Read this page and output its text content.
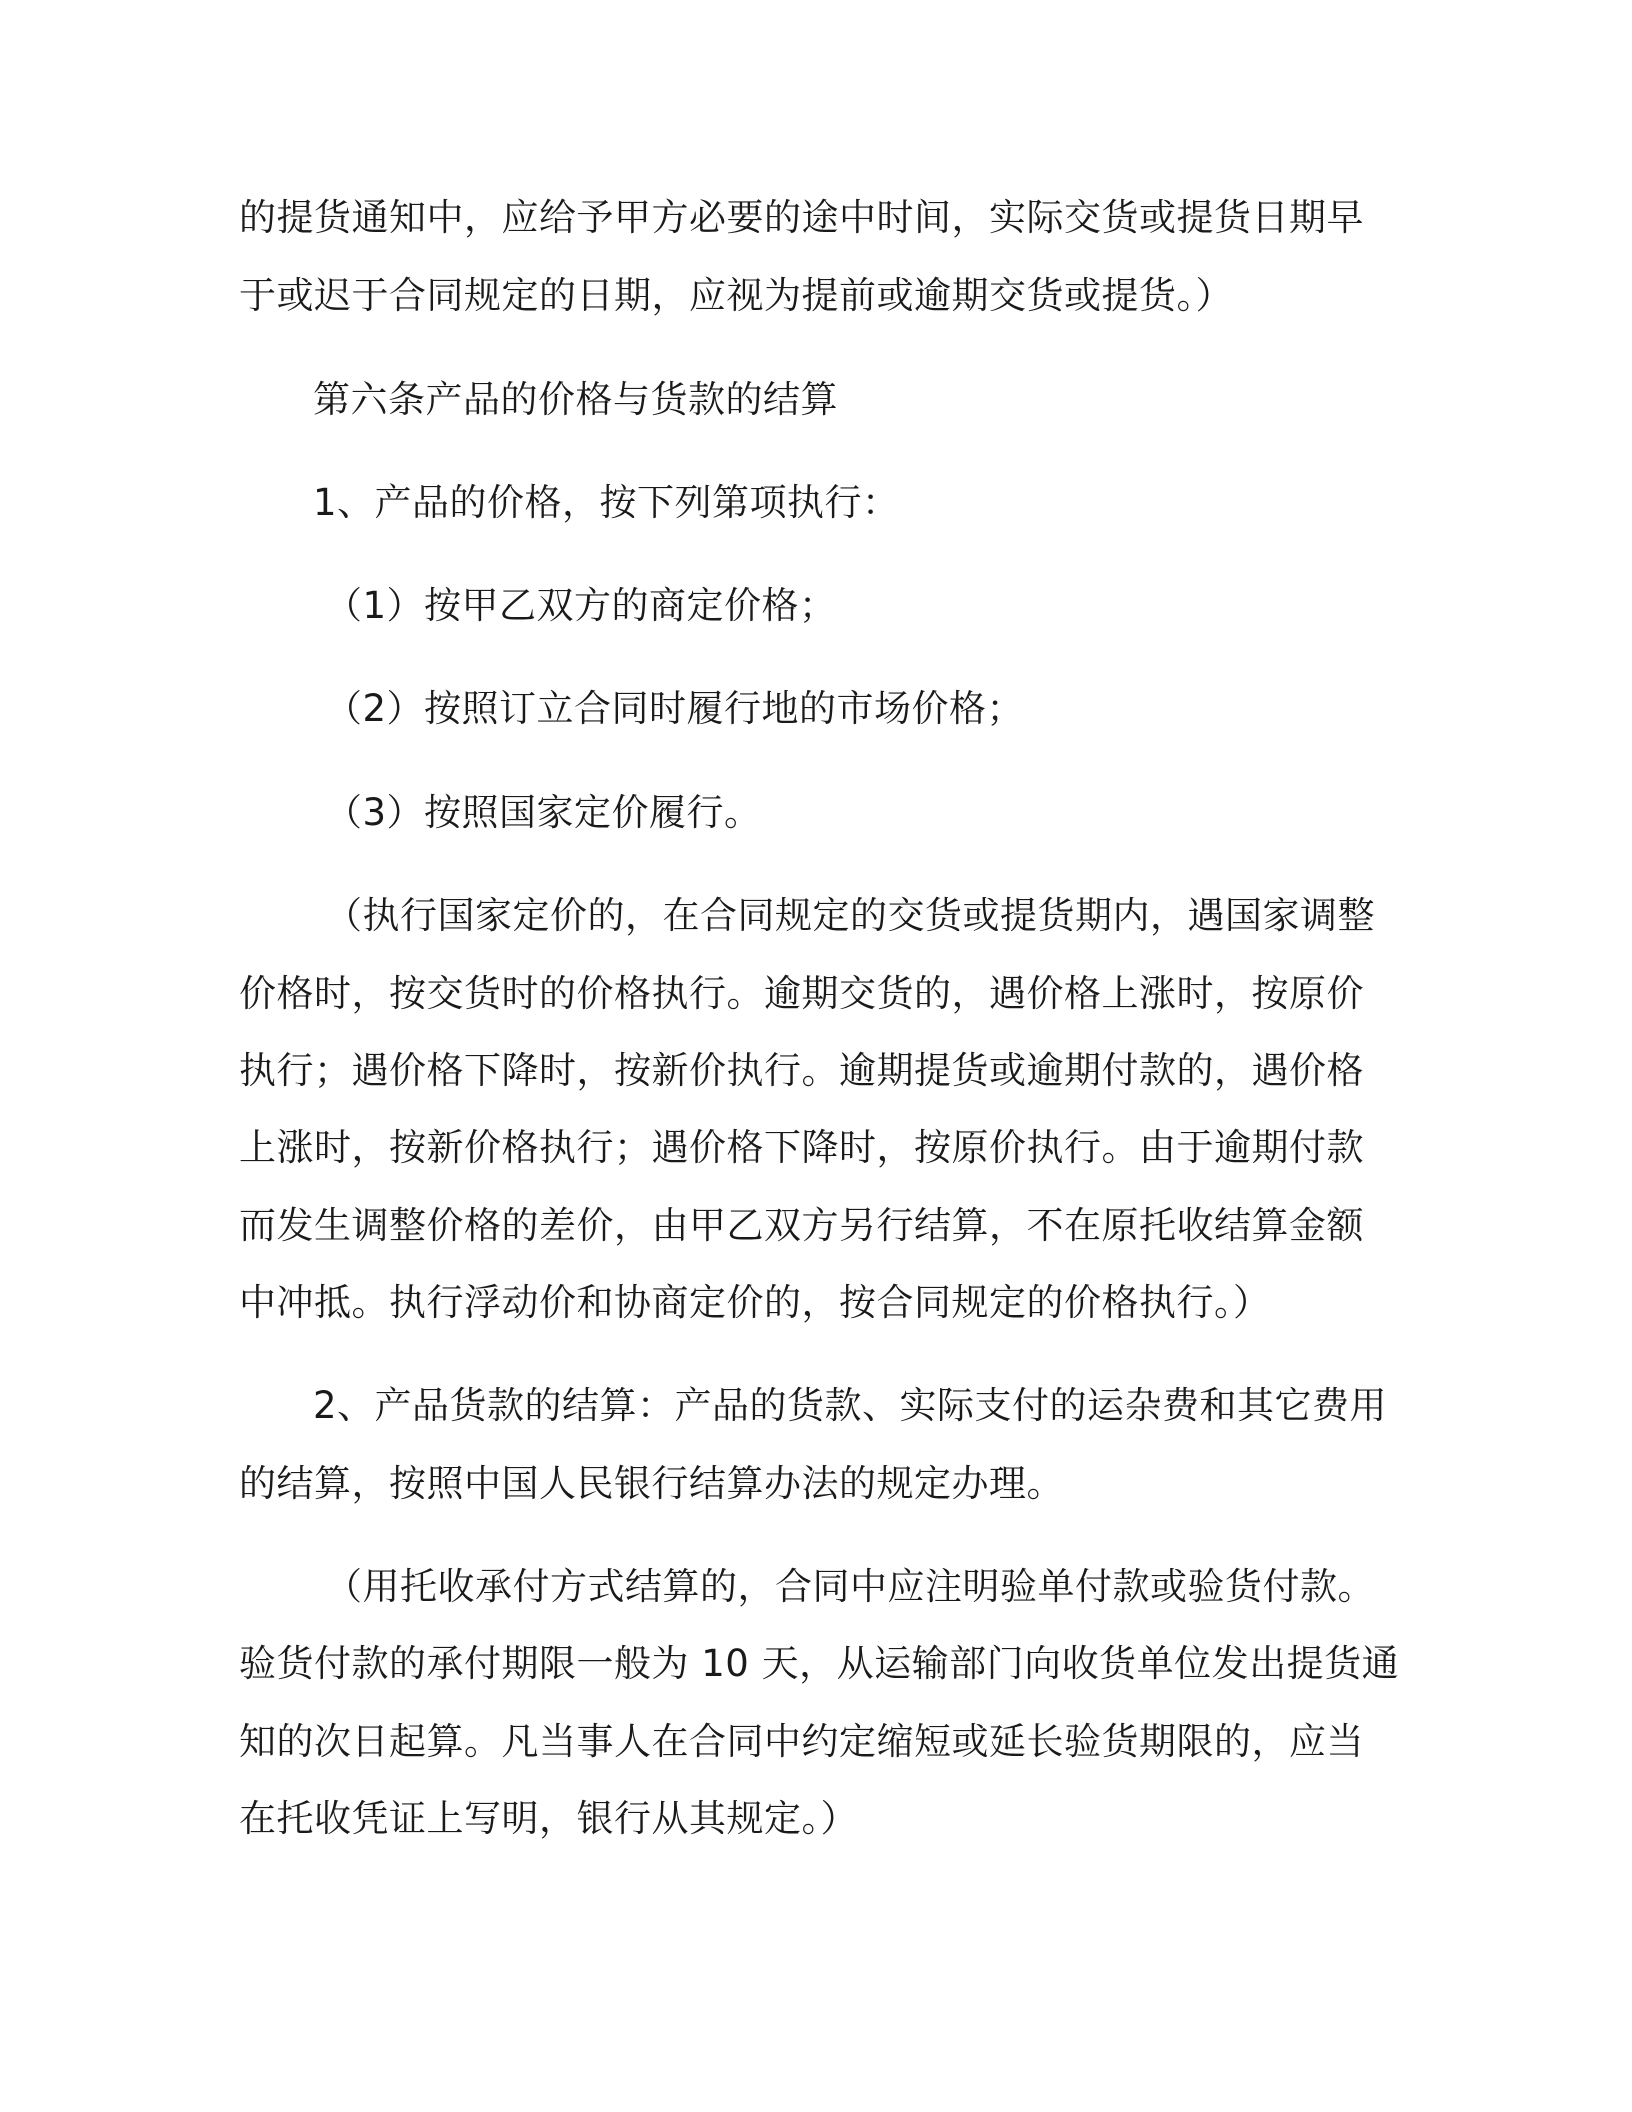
的提货通知中，应给予甲方必要的途中时间，实际交货或提货日期早
于或迟于合同规定的日期，应视为提前或逾期交货或提货。）
第六条产品的价格与货款的结算
1、产品的价格，按下列第项执行：
（1）按甲乙双方的商定价格；
（2）按照订立合同时履行地的市场价格；
（3）按照国家定价履行。
（执行国家定价的，在合同规定的交货或提货期内，遇国家调整
价格时，按交货时的价格执行。逾期交货的，遇价格上涨时，按原价
执行；遇价格下降时，按新价执行。逾期提货或逾期付款的，遇价格
上涨时，按新价格执行；遇价格下降时，按原价执行。由于逾期付款
而发生调整价格的差价，由甲乙双方另行结算，不在原托收结算金额
中冲抵。执行浮动价和协商定价的，按合同规定的价格执行。）
2、产品货款的结算：产品的货款、实际支付的运杂费和其它费用
的结算，按照中国人民银行结算办法的规定办理。
（用托收承付方式结算的，合同中应注明验单付款或验货付款。
验货付款的承付期限一般为 10 天，从运输部门向收货单位发出提货通
知的次日起算。凡当事人在合同中约定缩短或延长验货期限的，应当
在托收凭证上写明，银行从其规定。）
